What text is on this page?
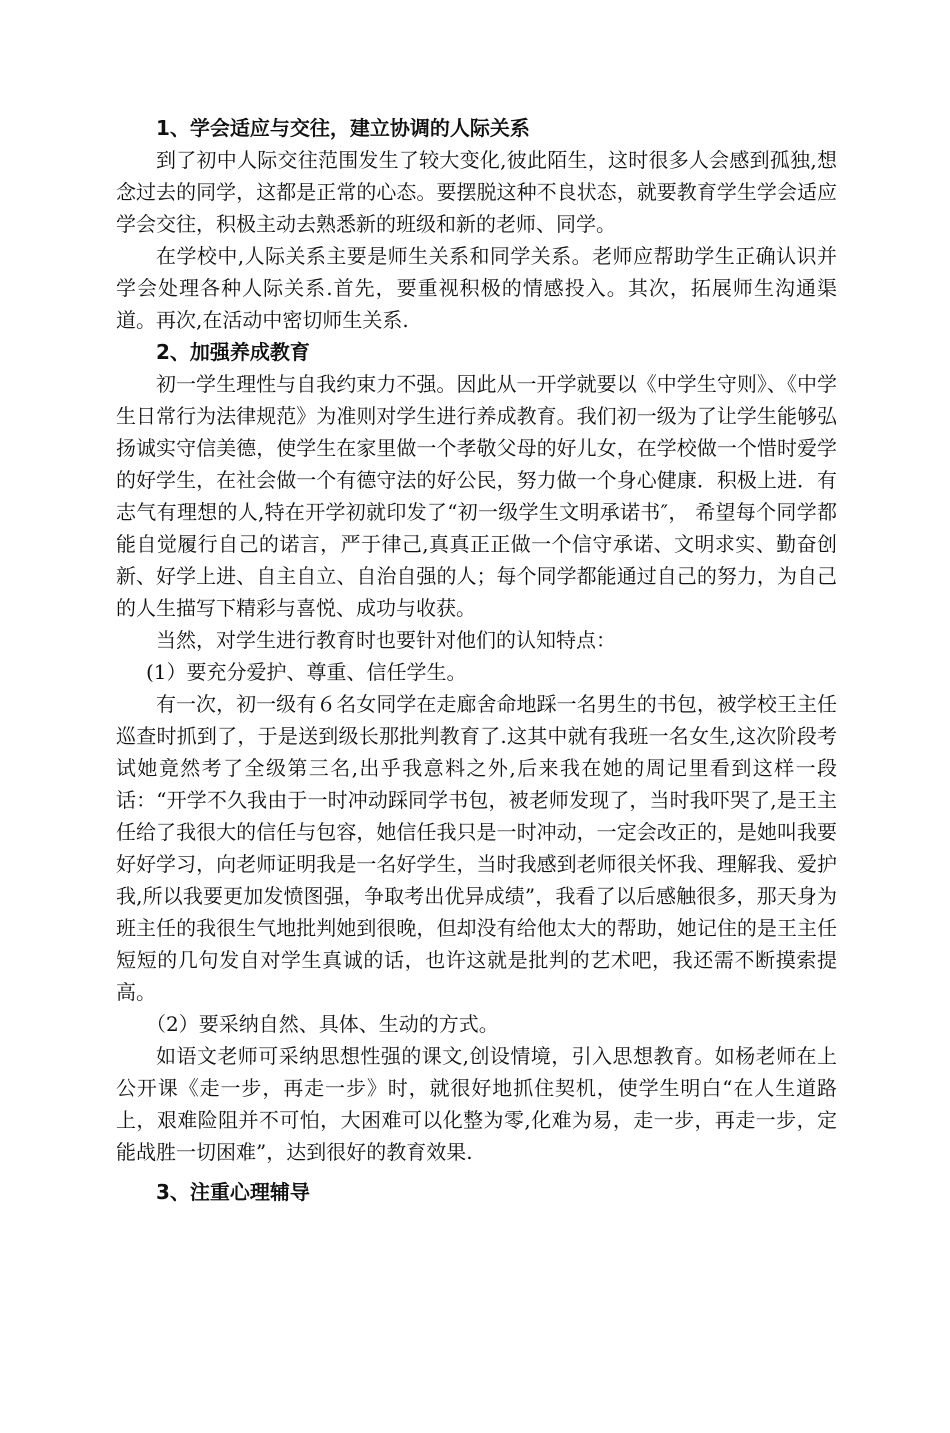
1、学会适应与交往，建立协调的人际关系

到了初中人际交往范围发生了较大变化,彼此陌生，这时很多人会感到孤独,想念过去的同学，这都是正常的心态。要摆脱这种不良状态，就要教育学生学会适应学会交往，积极主动去熟悉新的班级和新的老师、同学。

在学校中,人际关系主要是师生关系和同学关系。老师应帮助学生正确认识并学会处理各种人际关系.首先，要重视积极的情感投入。其次，拓展师生沟通渠道。再次,在活动中密切师生关系.

2、加强养成教育

初一学生理性与自我约束力不强。因此从一开学就要以《中学生守则》、《中学生日常行为法律规范》为准则对学生进行养成教育。我们初一级为了让学生能够弘扬诚实守信美德，使学生在家里做一个孝敬父母的好儿女，在学校做一个惜时爱学的好学生，在社会做一个有德守法的好公民，努力做一个身心健康．积极上进．有志气有理想的人,特在开学初就印发了“初一级学生文明承诺书″， 希望每个同学都能自觉履行自己的诺言，严于律己,真真正正做一个信守承诺、文明求实、勤奋创新、好学上进、自主自立、自治自强的人；每个同学都能通过自己的努力，为自己的人生描写下精彩与喜悦、成功与收获。

当然，对学生进行教育时也要针对他们的认知特点：

(1）要充分爱护、尊重、信任学生。

有一次，初一级有６名女同学在走廊舍命地踩一名男生的书包，被学校王主任巡查时抓到了，于是送到级长那批判教育了.这其中就有我班一名女生,这次阶段考试她竟然考了全级第三名,出乎我意料之外,后来我在她的周记里看到这样一段话：“开学不久我由于一时冲动踩同学书包，被老师发现了，当时我吓哭了,是王主任给了我很大的信任与包容，她信任我只是一时冲动，一定会改正的，是她叫我要好好学习，向老师证明我是一名好学生，当时我感到老师很关怀我、理解我、爱护我,所以我要更加发愤图强，争取考出优异成绩”，我看了以后感触很多，那天身为班主任的我很生气地批判她到很晚，但却没有给他太大的帮助，她记住的是王主任短短的几句发自对学生真诚的话，也许这就是批判的艺术吧，我还需不断摸索提高。

（2）要采纳自然、具体、生动的方式。

如语文老师可采纳思想性强的课文,创设情境，引入思想教育。如杨老师在上公开课《走一步，再走一步》时，就很好地抓住契机，使学生明白“在人生道路上，艰难险阻并不可怕，大困难可以化整为零,化难为易，走一步，再走一步，定能战胜一切困难”，达到很好的教育效果.

3、注重心理辅导
